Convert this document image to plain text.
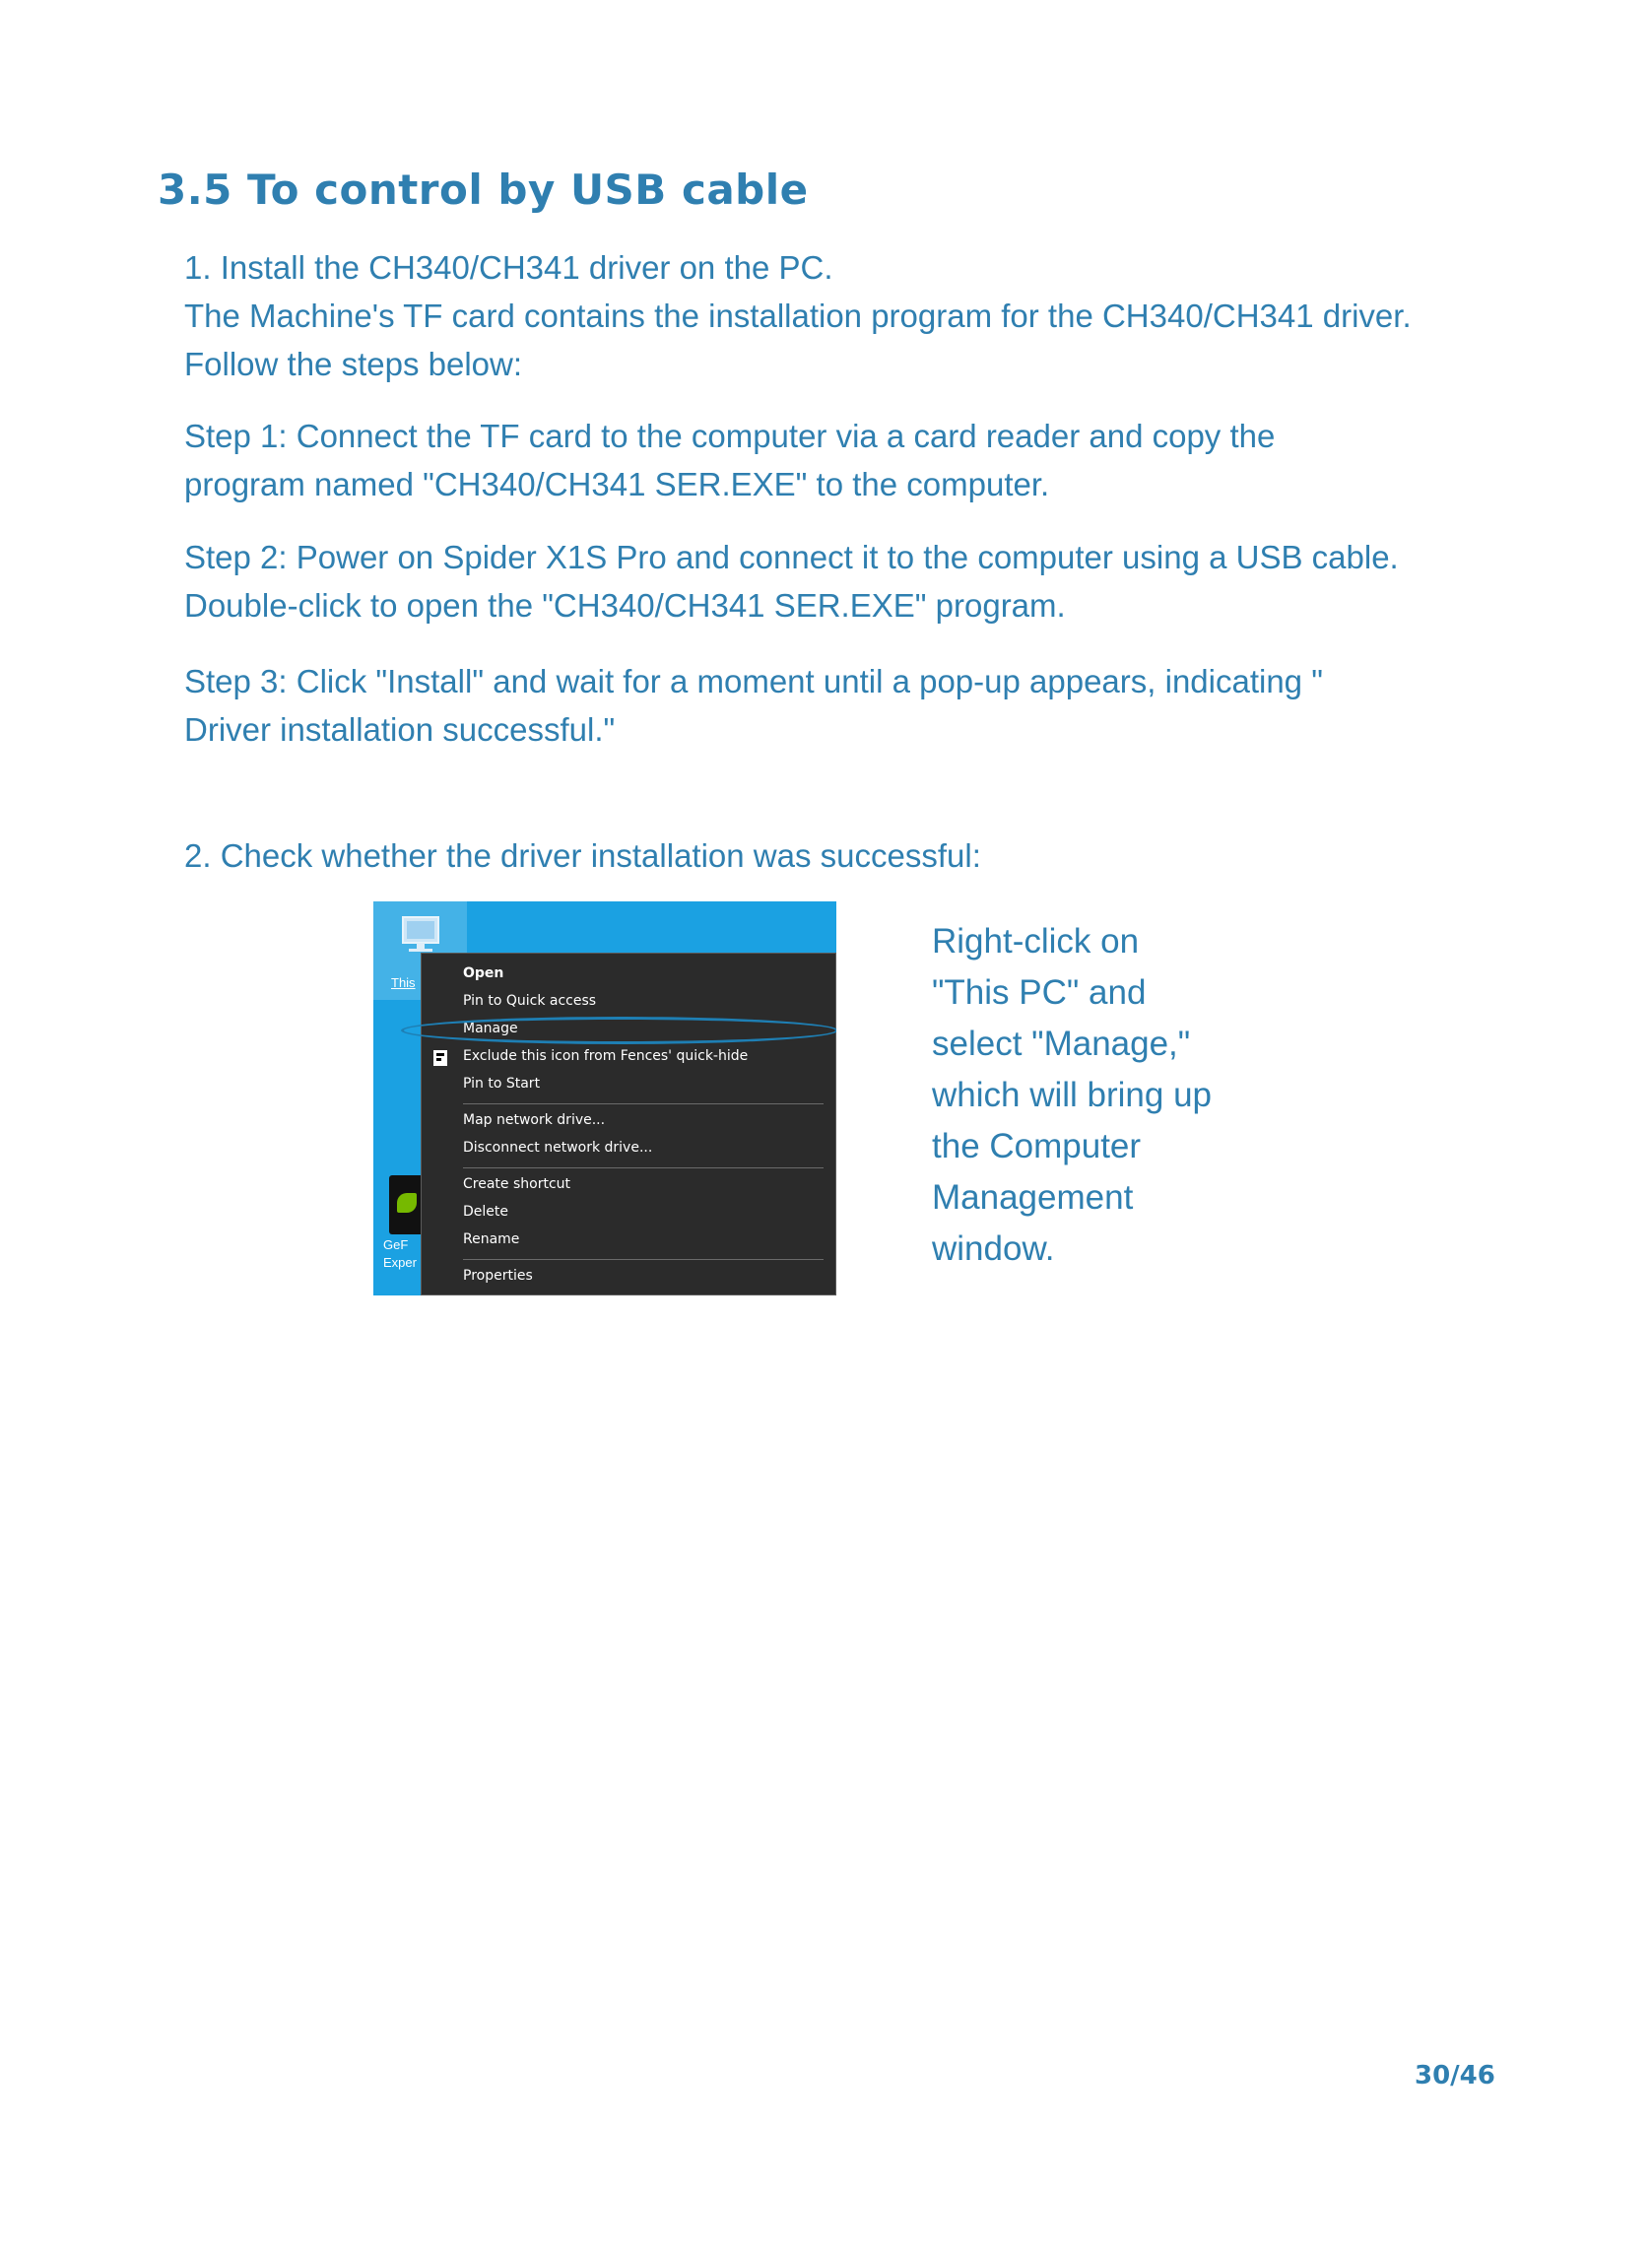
3.5 To control by USB cable

1. Install the CH340/CH341 driver on the PC.

The Machine's TF card contains the installation program for the CH340/CH341 driver.

Follow the steps below:

Step 1: Connect the TF card to the computer via a card reader and copy the

program named "CH340/CH341 SER.EXE" to the computer.

Step 2: Power on Spider X1S Pro and connect it to the computer using a USB cable.

Double-click to open the "CH340/CH341 SER.EXE" program.

Step 3: Click "Install" and wait for a moment until a pop-up appears, indicating "

Driver installation successful."

2. Check whether the driver installation was successful:

This
GeF
Exper
Open
Pin to Quick access
Manage
Exclude this icon from Fences' quick-hide
Pin to Start
Map network drive...
Disconnect network drive...
Create shortcut
Delete
Rename
Properties
Right-click on
"This PC" and
select "Manage,"
which will bring up
the Computer
Management
window.
30/46
